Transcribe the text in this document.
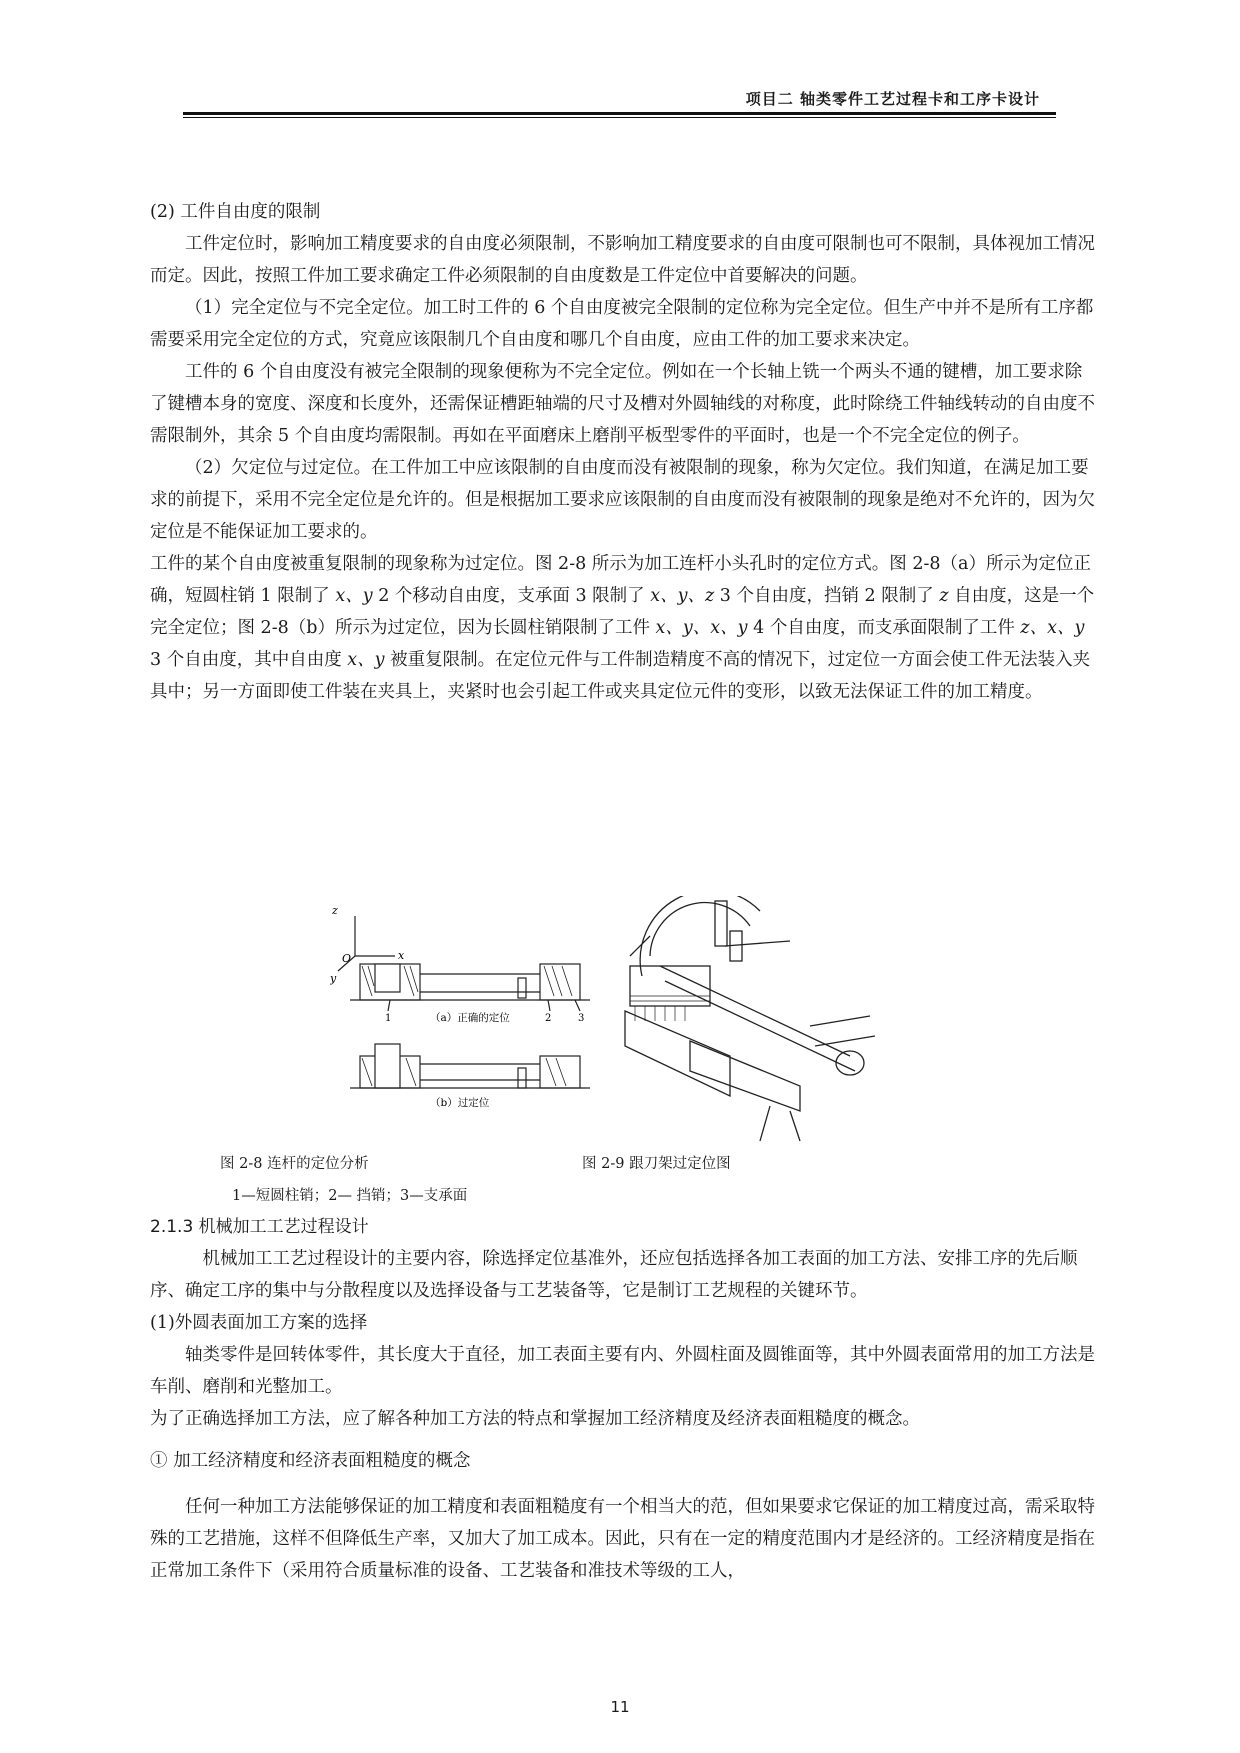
项目二 轴类零件工艺过程卡和工序卡设计

(2) 工件自由度的限制

工件定位时，影响加工精度要求的自由度必须限制，不影响加工精度要求的自由度可限制也可不限制，具体视加工情况而定。因此，按照工件加工要求确定工件必须限制的自由度数是工件定位中首要解决的问题。

（1）完全定位与不完全定位。加工时工件的 6 个自由度被完全限制的定位称为完全定位。但生产中并不是所有工序都需要采用完全定位的方式，究竟应该限制几个自由度和哪几个自由度，应由工件的加工要求来决定。

工件的 6 个自由度没有被完全限制的现象便称为不完全定位。例如在一个长轴上铣一个两头不通的键槽，加工要求除了键槽本身的宽度、深度和长度外，还需保证槽距轴端的尺寸及槽对外圆轴线的对称度，此时除绕工件轴线转动的自由度不需限制外，其余 5 个自由度均需限制。再如在平面磨床上磨削平板型零件的平面时，也是一个不完全定位的例子。

（2）欠定位与过定位。在工件加工中应该限制的自由度而没有被限制的现象，称为欠定位。我们知道，在满足加工要求的前提下，采用不完全定位是允许的。但是根据加工要求应该限制的自由度而没有被限制的现象是绝对不允许的，因为欠定位是不能保证加工要求的。

工件的某个自由度被重复限制的现象称为过定位。图 2-8 所示为加工连杆小头孔时的定位方式。图 2-8（a）所示为定位正确，短圆柱销 1 限制了 x、y 2 个移动自由度，支承面 3 限制了 x、y、z 3 个自由度，挡销 2 限制了 z 自由度，这是一个完全定位；图 2-8（b）所示为过定位，因为长圆柱销限制了工件 x、y、x、y 4 个自由度，而支承面限制了工件 z、x、y 3 个自由度，其中自由度 x、y 被重复限制。在定位元件与工件制造精度不高的情况下，过定位一方面会使工件无法装入夹具中；另一方面即使工件装在夹具上，夹紧时也会引起工件或夹具定位元件的变形，以致无法保证工件的加工精度。

z
x
y
O
1	2	3
（a）正确的定位
（b）过定位
图 2-8 连杆的定位分析	图 2-9 跟刀架过定位图
1—短圆柱销；2— 挡销；3—支承面

2.1.3 机械加工工艺过程设计

机械加工工艺过程设计的主要内容，除选择定位基准外，还应包括选择各加工表面的加工方法、安排工序的先后顺序、确定工序的集中与分散程度以及选择设备与工艺装备等，它是制订工艺规程的关键环节。

(1)外圆表面加工方案的选择

轴类零件是回转体零件，其长度大于直径，加工表面主要有内、外圆柱面及圆锥面等，其中外圆表面常用的加工方法是车削、磨削和光整加工。

为了正确选择加工方法，应了解各种加工方法的特点和掌握加工经济精度及经济表面粗糙度的概念。

① 加工经济精度和经济表面粗糙度的概念

任何一种加工方法能够保证的加工精度和表面粗糙度有一个相当大的范，但如果要求它保证的加工精度过高，需采取特殊的工艺措施，这样不但降低生产率，又加大了加工成本。因此，只有在一定的精度范围内才是经济的。工经济精度是指在正常加工条件下（采用符合质量标准的设备、工艺装备和准技术等级的工人，

11
